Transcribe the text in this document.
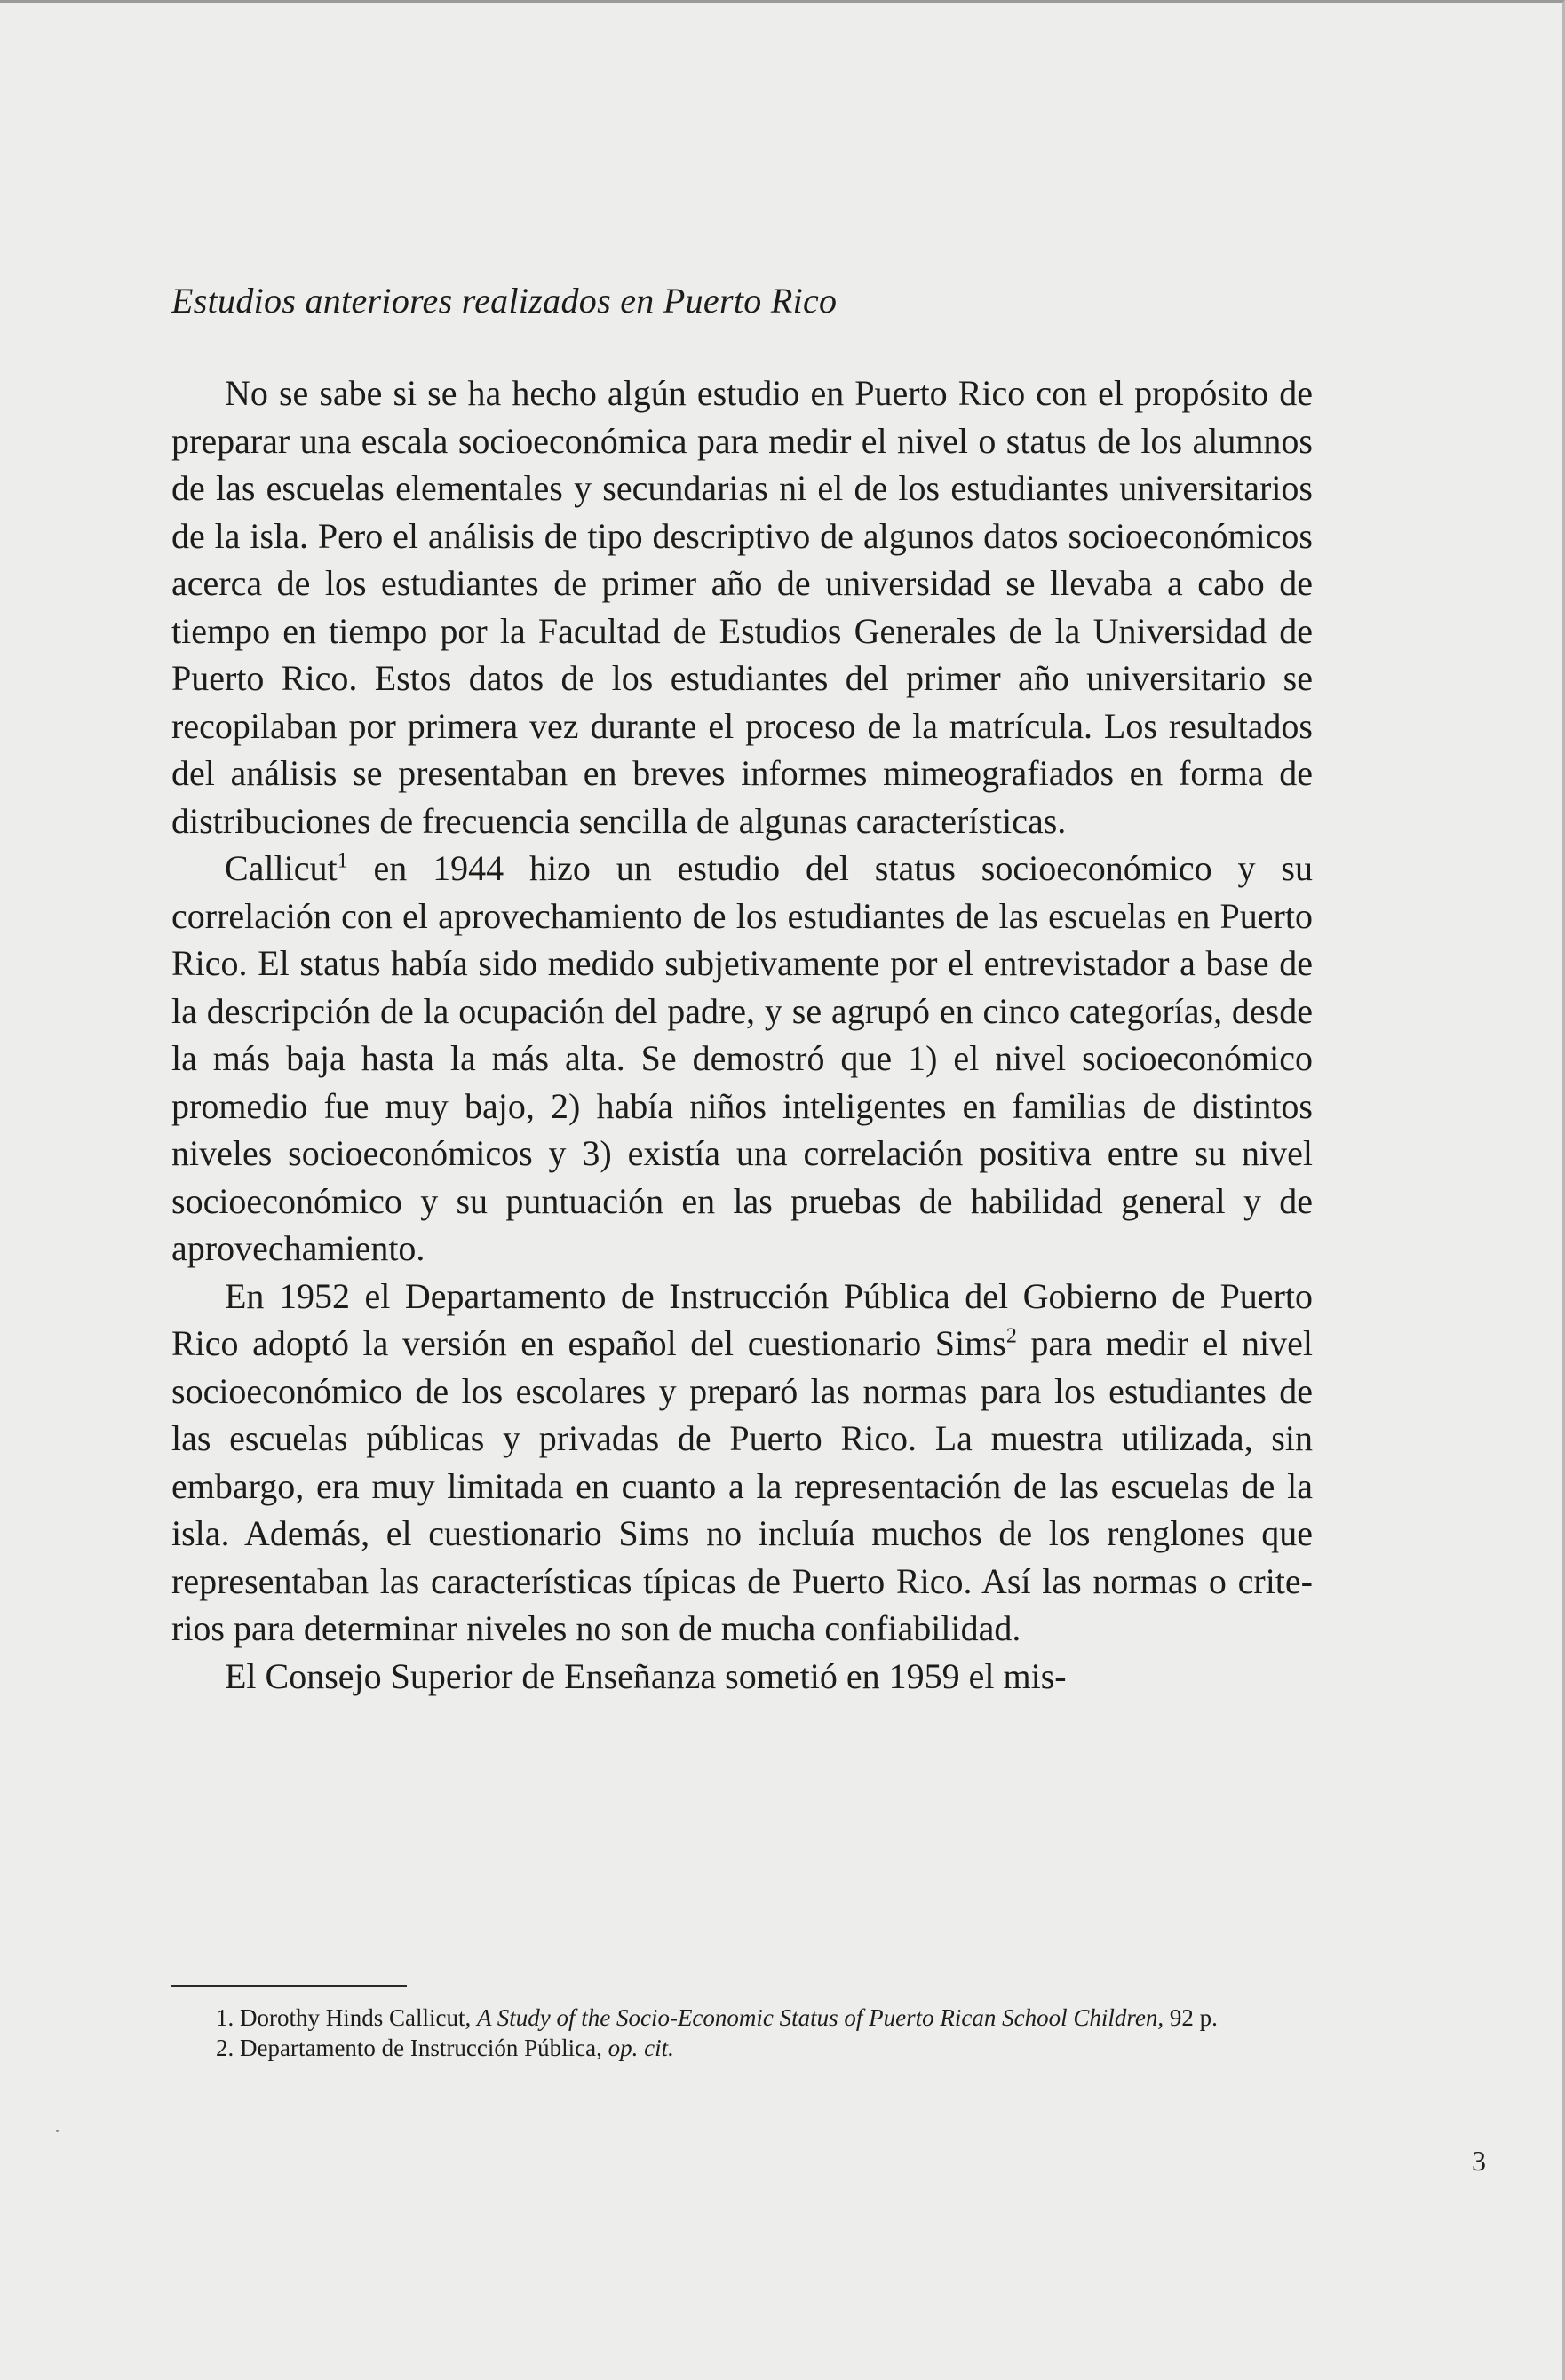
Estudios anteriores realizados en Puerto Rico

No se sabe si se ha hecho algún estudio en Puerto Rico con el propósito de preparar una escala socioeconómica para medir el nivel o status de los alumnos de las escuelas elementales y secundarias ni el de los estudiantes universitarios de la isla. Pero el análisis de tipo descriptivo de algunos datos socioeconómicos acerca de los estudiantes de primer año de universidad se llevaba a cabo de tiempo en tiempo por la Facultad de Estudios Generales de la Universidad de Puerto Rico. Estos datos de los estudiantes del primer año universitario se recopilaban por primera vez durante el proceso de la matrícula. Los resultados del análisis se presentaban en breves informes mimeografiados en forma de distribuciones de frecuencia sencilla de algunas características.

Callicut$^1$ en 1944 hizo un estudio del status socioeconómico y su correlación con el aprovechamiento de los estudiantes de las escuelas en Puerto Rico. El status había sido medido subjetivamente por el entrevistador a base de la descripción de la ocupación del padre, y se agrupó en cinco categorías, desde la más baja hasta la más alta. Se demostró que 1) el nivel socioeconómico promedio fue muy bajo, 2) había niños inteligentes en familias de distintos niveles socioeconómicos y 3) existía una correlación positiva entre su nivel socioeconómico y su puntuación en las pruebas de habilidad general y de aprovechamiento.

En 1952 el Departamento de Instrucción Pública del Gobierno de Puerto Rico adoptó la versión en español del cuestionario Sims$^2$ para medir el nivel socioeconómico de los escolares y preparó las normas para los estudiantes de las escuelas públicas y privadas de Puerto Rico. La muestra utilizada, sin embargo, era muy limitada en cuanto a la representación de las escuelas de la isla. Además, el cuestionario Sims no incluía muchos de los renglones que representaban las características típicas de Puerto Rico. Así las normas o criterios para determinar niveles no son de mucha confiabilidad.

El Consejo Superior de Enseñanza sometió en 1959 el mis-

1. Dorothy Hinds Callicut, A Study of the Socio-Economic Status of Puerto Rican School Children, 92 p.

2. Departamento de Instrucción Pública, op. cit.

3
